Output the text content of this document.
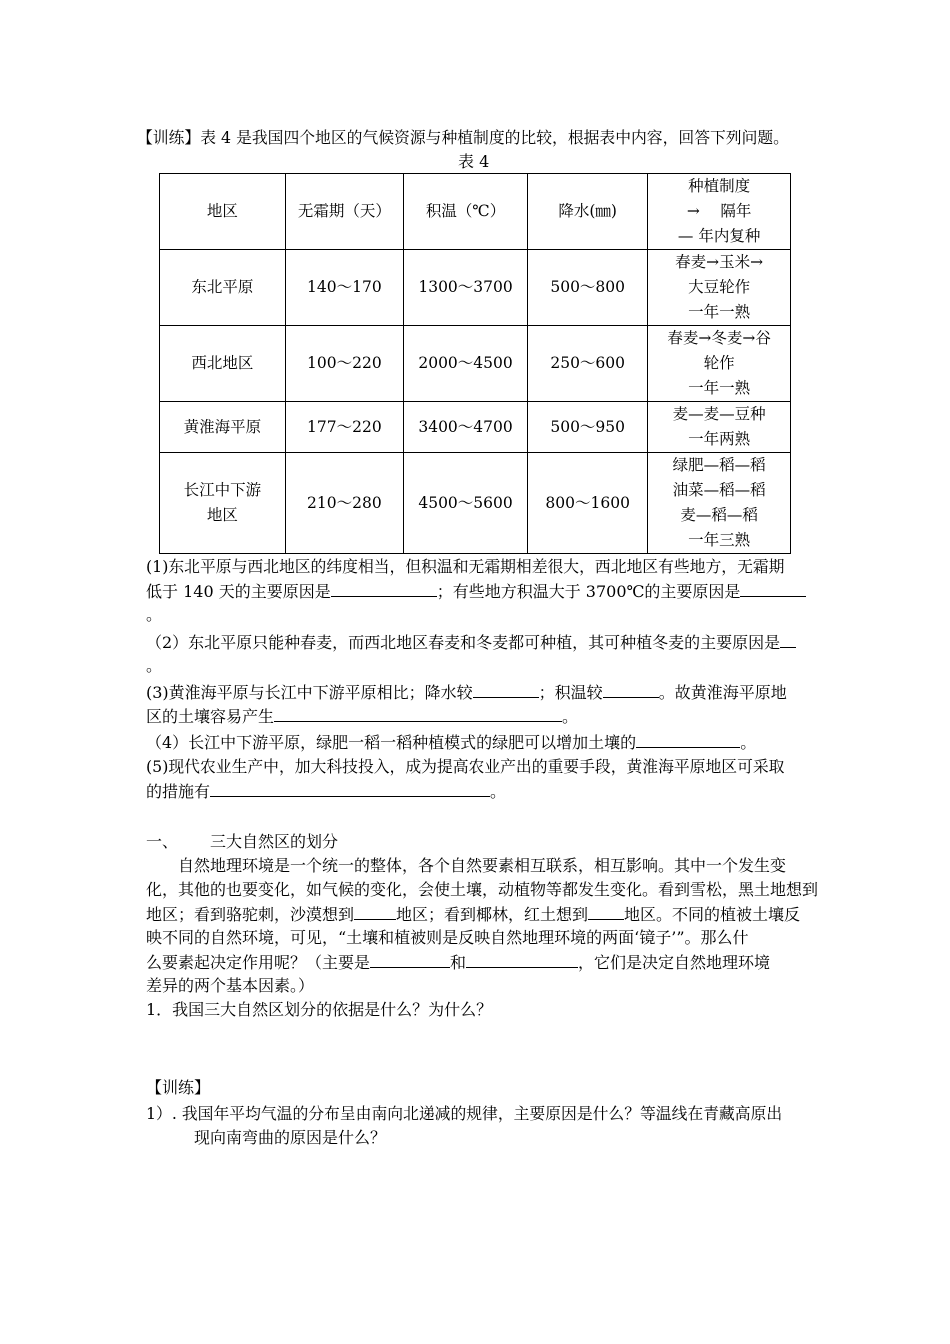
【训练】表 4 是我国四个地区的气候资源与种植制度的比较，根据表中内容，回答下列问题。
表 4
地区	无霜期（天）	积温（℃）	降水(㎜)	种植制度
→　 隔年
— 年内复种

东北平原	140～170	1300～3700	500～800	春麦→玉米→
大豆轮作
一年一熟

西北地区	100～220	2000～4500	250～600	春麦→冬麦→谷
轮作
一年一熟

黄淮海平原	177～220	3400～4700	500～950	麦—麦—豆种
一年两熟

长江中下游
地区	210～280	4500～5600	800～1600	绿肥—稻—稻
油菜—稻—稻
麦—稻—稻
一年三熟
(1)东北平原与西北地区的纬度相当，但积温和无霜期相差很大，西北地区有些地方，无霜期
低于 140 天的主要原因是	；有些地方积温大于 3700℃的主要原因是
。
（2）东北平原只能种春麦，而西北地区春麦和冬麦都可种植，其可种植冬麦的主要原因是
。
(3)黄淮海平原与长江中下游平原相比；降水较	；积温较	。故黄淮海平原地
区的土壤容易产生	。
（4）长江中下游平原，绿肥一稻一稻种植模式的绿肥可以增加土壤的	。
(5)现代农业生产中，加大科技投入，成为提高农业产出的重要手段，黄淮海平原地区可采取
的措施有	。
一、 三大自然区的划分
自然地理环境是一个统一的整体，各个自然要素相互联系，相互影响。其中一个发生变
化，其他的也要变化，如气候的变化，会使土壤，动植物等都发生变化。看到雪松，黑土地想到
地区；看到骆驼刺，沙漠想到	地区；看到椰林，红土想到 地区。不同的植被土壤反
映不同的自然环境，可见，“土壤和植被则是反映自然地理环境的两面‘镜子’”。那么什
么要素起决定作用呢？（主要是	和	，它们是决定自然地理环境
差异的两个基本因素。）
1．我国三大自然区划分的依据是什么？为什么？
【训练】
1）. 我国年平均气温的分布呈由南向北递减的规律，主要原因是什么？等温线在青藏高原出
现向南弯曲的原因是什么？
